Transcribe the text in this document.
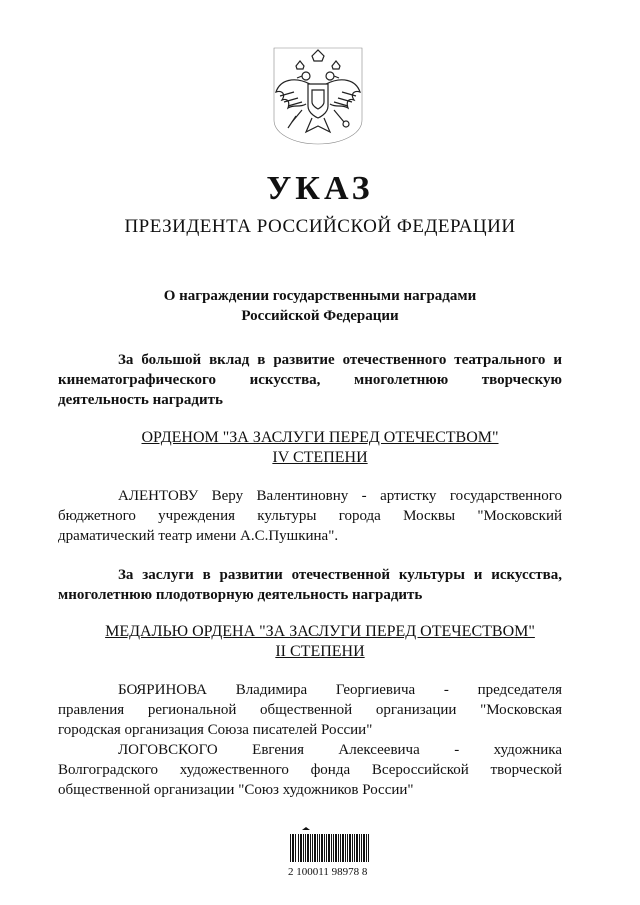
УКАЗ
ПРЕЗИДЕНТА РОССИЙСКОЙ ФЕДЕРАЦИИ
О награждении государственными наградами
Российской Федерации
За большой вклад в развитие отечественного театрального и
кинематографического искусства, многолетнюю творческую
деятельность наградить
ОРДЕНОМ "ЗА ЗАСЛУГИ ПЕРЕД ОТЕЧЕСТВОМ"
IV СТЕПЕНИ
АЛЕНТОВУ Веру Валентиновну - артистку государственного
бюджетного учреждения культуры города Москвы "Московский
драматический театр имени А.С.Пушкина".
За заслуги в развитии отечественной культуры и искусства,
многолетнюю плодотворную деятельность наградить
МЕДАЛЬЮ ОРДЕНА "ЗА ЗАСЛУГИ ПЕРЕД ОТЕЧЕСТВОМ"
II СТЕПЕНИ
БОЯРИНОВА Владимира Георгиевича - председателя
правления региональной общественной организации "Московская
городская организация Союза писателей России"
ЛОГОВСКОГО Евгения Алексеевича - художника
Волгоградского художественного фонда Всероссийской творческой
общественной организации "Союз художников России"
2 100011 98978 8
